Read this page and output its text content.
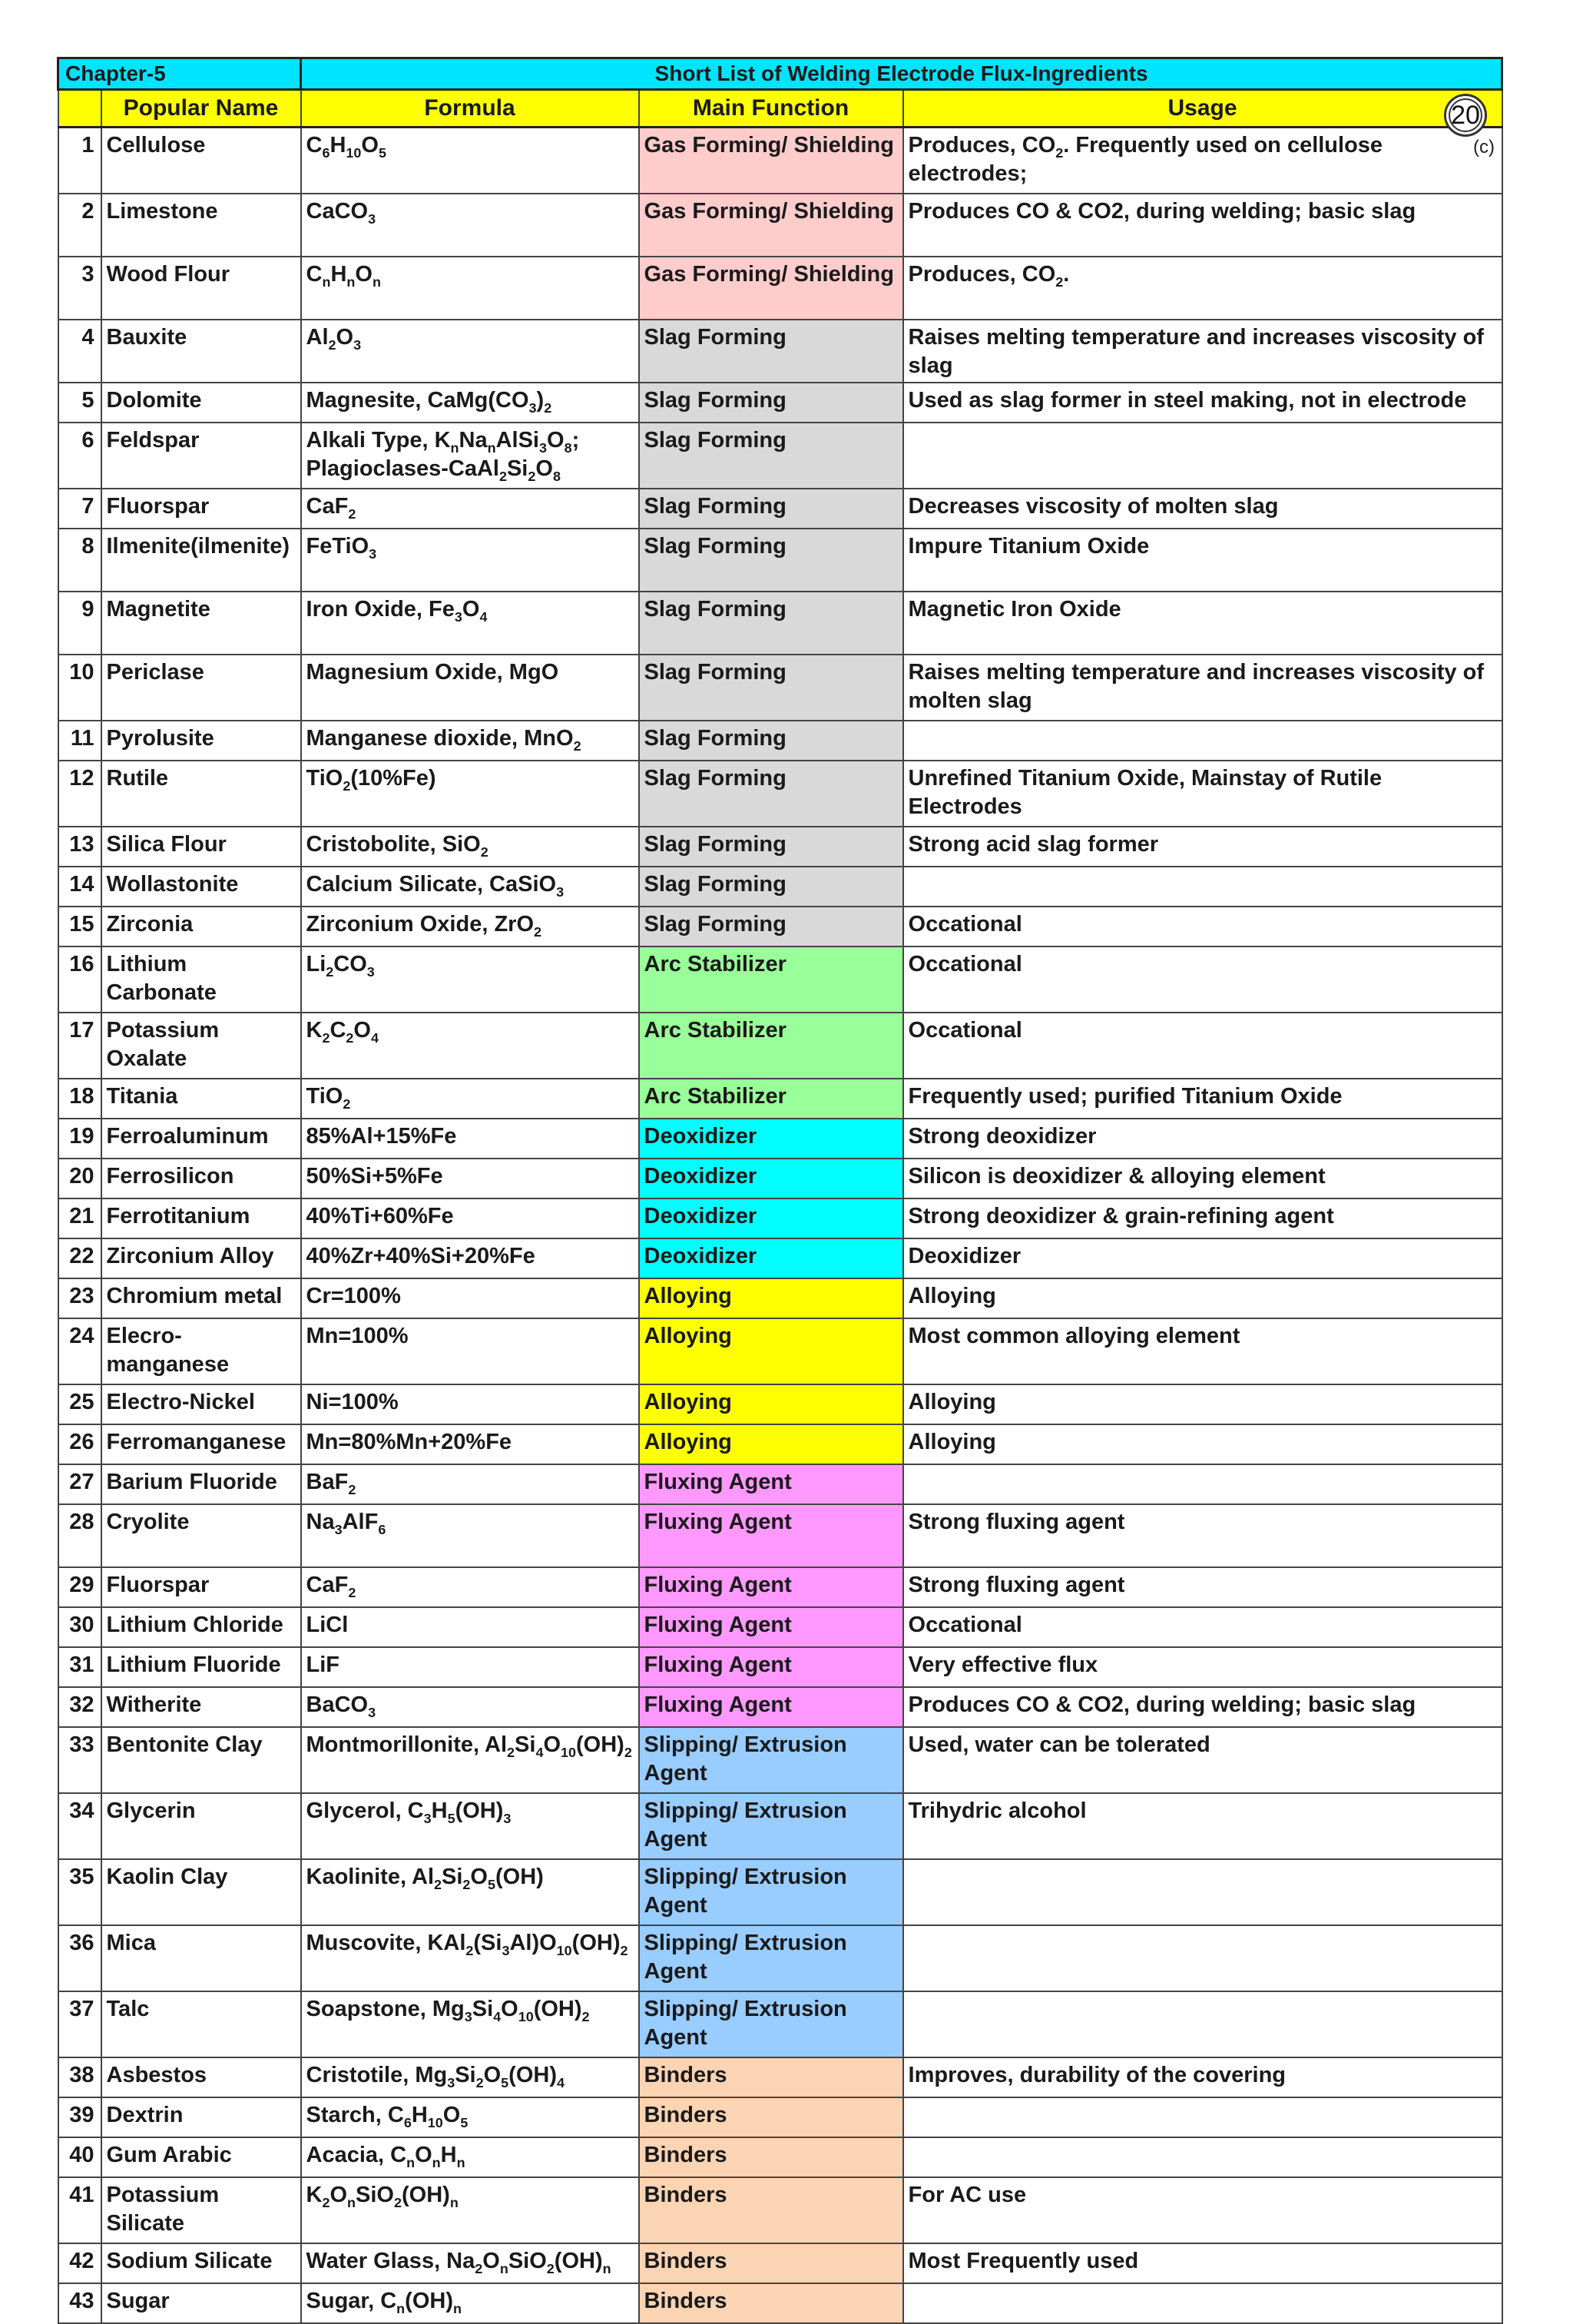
Chapter-5		Short List of Welding Electrode Flux-Ingredients		
	Popular Name	Formula	Main Function	Usage
1	Cellulose	$C_6H_{10}O_5$	Gas Forming/ Shielding	Produces, $CO_2$. Frequently used on cellulose electrodes;
2	Limestone	CaCO$_3$	Gas Forming/ Shielding	Produces CO & CO2, during welding; basic slag
3	Wood Flour	$C_nH_nO_n$	Gas Forming/ Shielding	Produces, $CO_2$.
4	Bauxite	$Al_2O_3$	Slag Forming	Raises melting temperature and increases viscosity of slag
5	Dolomite	Magnesite, $CaMg(CO_3)_2$	Slag Forming	Used as slag former in steel making, not in electrode
6	Feldspar	Alkali Type, $K_nNa_nAlSi_3O_8$; Plagioclases-$CaAl_2Si_2O_8$	Slag Forming	
7	Fluorspar	CaF$_2$	Slag Forming	Decreases viscosity of molten slag
8	Ilmenite(ilmenite)	FeTiO$_3$	Slag Forming	Impure Titanium Oxide
9	Magnetite	Iron Oxide, $Fe_3O_4$	Slag Forming	Magnetic Iron Oxide
10	Periclase	Magnesium Oxide, MgO	Slag Forming	Raises melting temperature and increases viscosity of molten slag
11	Pyrolusite	Manganese dioxide, MnO$_2$	Slag Forming	
12	Rutile	TiO$_2$(10%Fe)	Slag Forming	Unrefined Titanium Oxide, Mainstay of Rutile Electrodes
13	Silica Flour	Cristobolite, SiO$_2$	Slag Forming	Strong acid slag former
14	Wollastonite	Calcium Silicate, CaSiO$_3$	Slag Forming	
15	Zirconia	Zirconium Oxide, ZrO$_2$	Slag Forming	Occational
16	Lithium Carbonate	$Li_2CO_3$	Arc Stabilizer	Occational
17	Potassium Oxalate	$K_2C_2O_4$	Arc Stabilizer	Occational
18	Titania	TiO$_2$	Arc Stabilizer	Frequently used; purified Titanium Oxide
19	Ferroaluminum	85%Al+15%Fe	Deoxidizer	Strong deoxidizer
20	Ferrosilicon	50%Si+5%Fe	Deoxidizer	Silicon is deoxidizer & alloying element
21	Ferrotitanium	40%Ti+60%Fe	Deoxidizer	Strong deoxidizer & grain-refining agent
22	Zirconium Alloy	40%Zr+40%Si+20%Fe	Deoxidizer	Deoxidizer
23	Chromium metal	Cr=100%	Alloying	Alloying
24	Elecro-manganese	Mn=100%	Alloying	Most common alloying element
25	Electro-Nickel	Ni=100%	Alloying	Alloying
26	Ferromanganese	Mn=80%Mn+20%Fe	Alloying	Alloying
27	Barium Fluoride	BaF$_2$	Fluxing Agent	
28	Cryolite	$Na_3AlF_6$	Fluxing Agent	Strong fluxing agent
29	Fluorspar	CaF$_2$	Fluxing Agent	Strong fluxing agent
30	Lithium Chloride	LiCl	Fluxing Agent	Occational
31	Lithium Fluoride	LiF	Fluxing Agent	Very effective flux
32	Witherite	BaCO$_3$	Fluxing Agent	Produces CO & CO2, during welding; basic slag
33	Bentonite Clay	Montmorillonite, $Al_2Si_4O_{10}(OH)_2$	Slipping/ Extrusion Agent	Used, water can be tolerated
34	Glycerin	Glycerol, $C_3H_5(OH)_3$	Slipping/ Extrusion Agent	Trihydric alcohol
35	Kaolin Clay	Kaolinite, $Al_2Si_2O_5(OH)$	Slipping/ Extrusion Agent	
36	Mica	Muscovite, $KAl_2(Si_3Al)O_{10}(OH)_2$	Slipping/ Extrusion Agent	
37	Talc	Soapstone, $Mg_3Si_4O_{10}(OH)_2$	Slipping/ Extrusion Agent	
38	Asbestos	Cristotile, $Mg_3Si_2O_5(OH)_4$	Binders	Improves, durability of the covering
39	Dextrin	Starch, $C_6H_{10}O_5$	Binders	
40	Gum Arabic	Acacia, $C_nO_nH_n$	Binders	
41	Potassium Silicate	$K_2O_nSiO_2(OH)_n$	Binders	For AC use
42	Sodium Silicate	Water Glass, $Na_2O_nSiO_2(OH)_n$	Binders	Most Frequently used
43	Sugar	Sugar, $C_n(OH)_n$	Binders	
20
(c)
